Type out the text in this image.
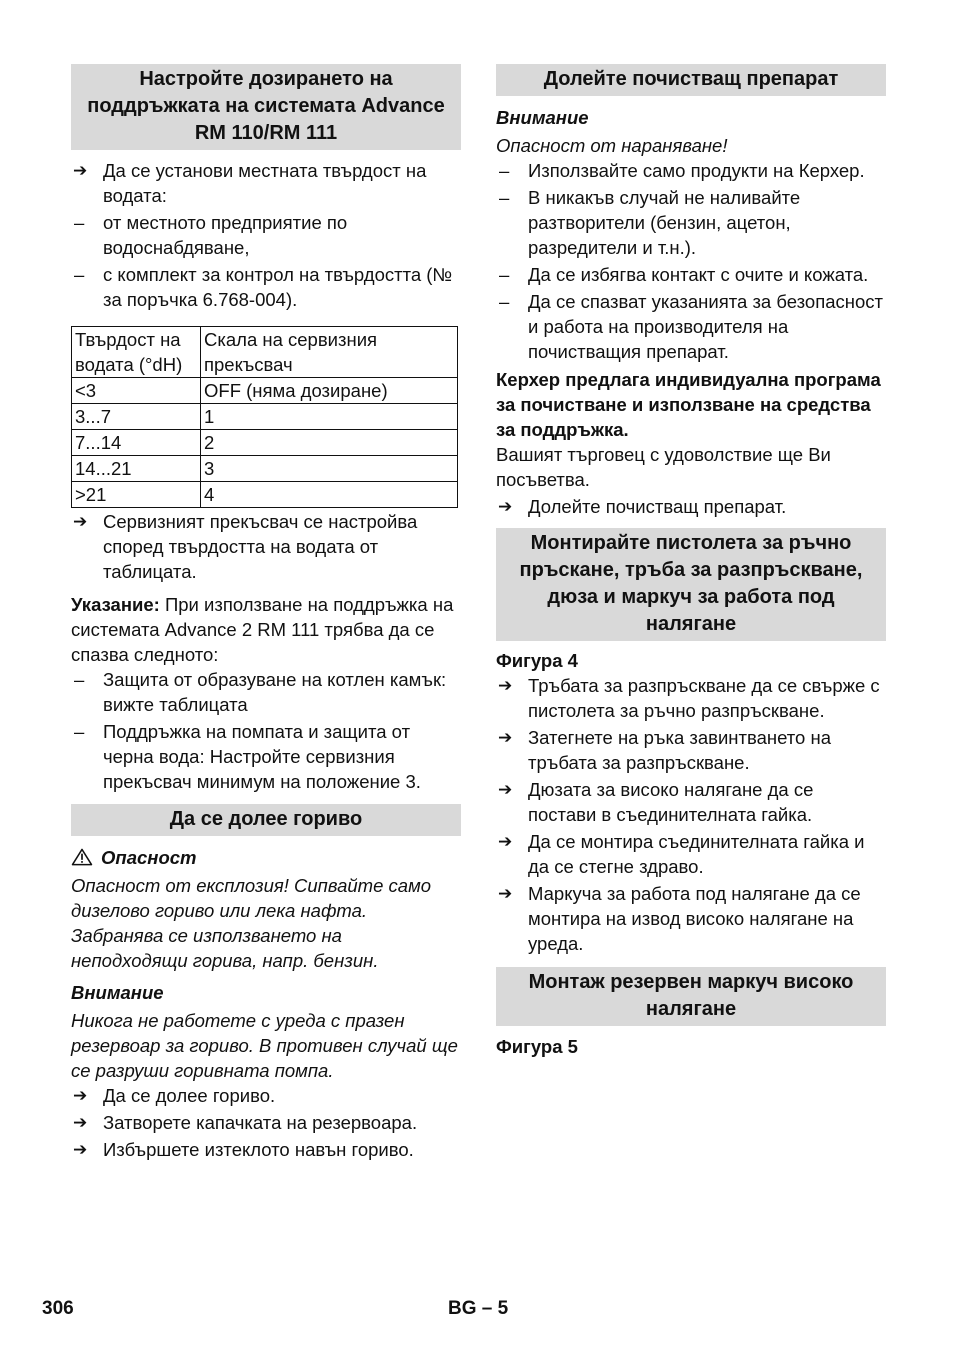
Настройте дозирането на поддръжката на системата Advance RM 110/RM 111
➔ Да се установи местната твърдост на водата:
– от местното предприятие по водоснабдяване,
– с комплект за контрол на твърдостта (№ за поръчка 6.768-004).
Твърдост на водата (°dH)	Скала на сервизния прекъсвач
<3	OFF (няма дозиране)
3...7	1
7...14	2
14...21	3
>21	4
➔ Сервизният прекъсвач се настройва според твърдостта на водата от таблицата.

Указание: При използване на поддръжка на системата Advance 2 RM 111 трябва да се спазва следното:

– Защита от образуване на котлен камък: вижте таблицата
– Поддръжка на помпата и защита от черна вода: Настройте сервизния прекъсвач минимум на положение 3.
Да се долее гориво

Опасност

Опасност от експлозия! Сипвайте само дизелово гориво или лека нафта. Забранява се използването на неподходящи горива, напр. бензин.

Внимание

Никога не работете с уреда с празен резервоар за гориво. В противен случай ще се разруши горивната помпа.

➔ Да се долее гориво.
➔ Затворете капачката на резервоара.
➔ Избършете изтеклото навън гориво.
Долейте почистващ препарат

Внимание

Опасност от нараняване!

– Използвайте само продукти на Керхер.
– В никакъв случай не наливайте разтворители (бензин, ацетон, разредители и т.н.).
– Да се избягва контакт с очите и кожата.
– Да се спазват указанията за безопасност и работа на производителя на почистващия препарат.

Керхер предлага индивидуална програма за почистване и използване на средства за поддръжка.

Вашият търговец с удоволствие ще Ви посъветва.

➔ Долейте почистващ препарат.
Монтирайте пистолета за ръчно пръскане, тръба за разпръскване, дюза и маркуч за работа под налягане

Фигура 4

➔ Тръбата за разпръскване да се свърже с пистолета за ръчно разпръскване.
➔ Затегнете на ръка завинтването на тръбата за разпръскване.
➔ Дюзата за високо налягане да се постави в съединителната гайка.
➔ Да се монтира съединителната гайка и да се стегне здраво.
➔ Маркуча за работа под налягане да се монтира на извод високо налягане на уреда.
Монтаж резервен маркуч високо налягане

Фигура 5

306	BG – 5
